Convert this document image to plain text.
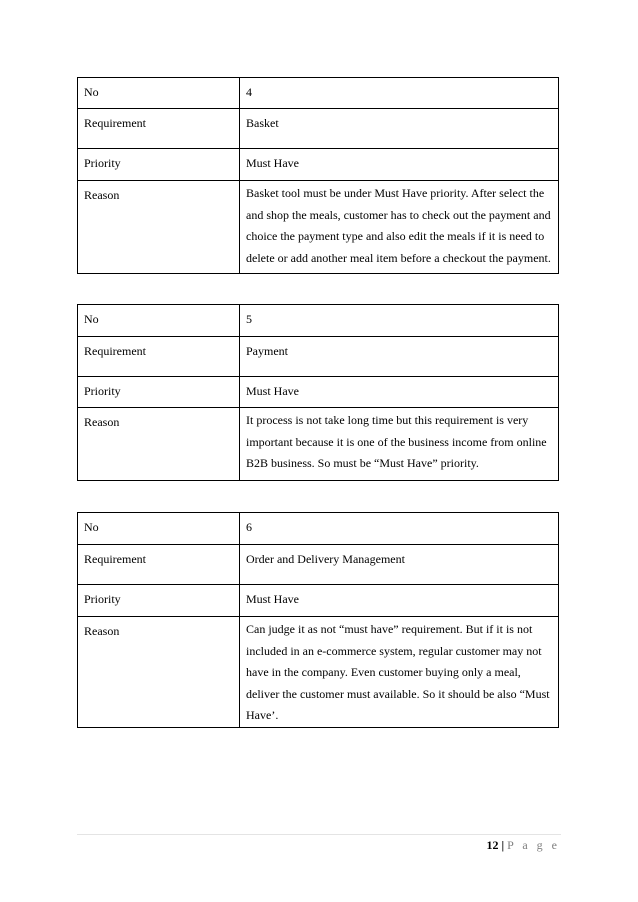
No	4
Requirement	Basket
Priority	Must Have
Reason	Basket tool must be under Must Have priority. After select the and shop the meals, customer has to check out the payment and choice the payment type and also edit the meals if it is need to delete or add another meal item before a checkout the payment.
No	5
Requirement	Payment
Priority	Must Have
Reason	It process is not take long time but this requirement is very important because it is one of the business income from online B2B business. So must be “Must Have” priority.
No	6
Requirement	Order and Delivery Management
Priority	Must Have
Reason	Can judge it as not “must have” requirement. But if it is not included in an e-commerce system, regular customer may not have in the company. Even customer buying only a meal, deliver the customer must available. So it should be also “Must Have’.
12 | P a g e
